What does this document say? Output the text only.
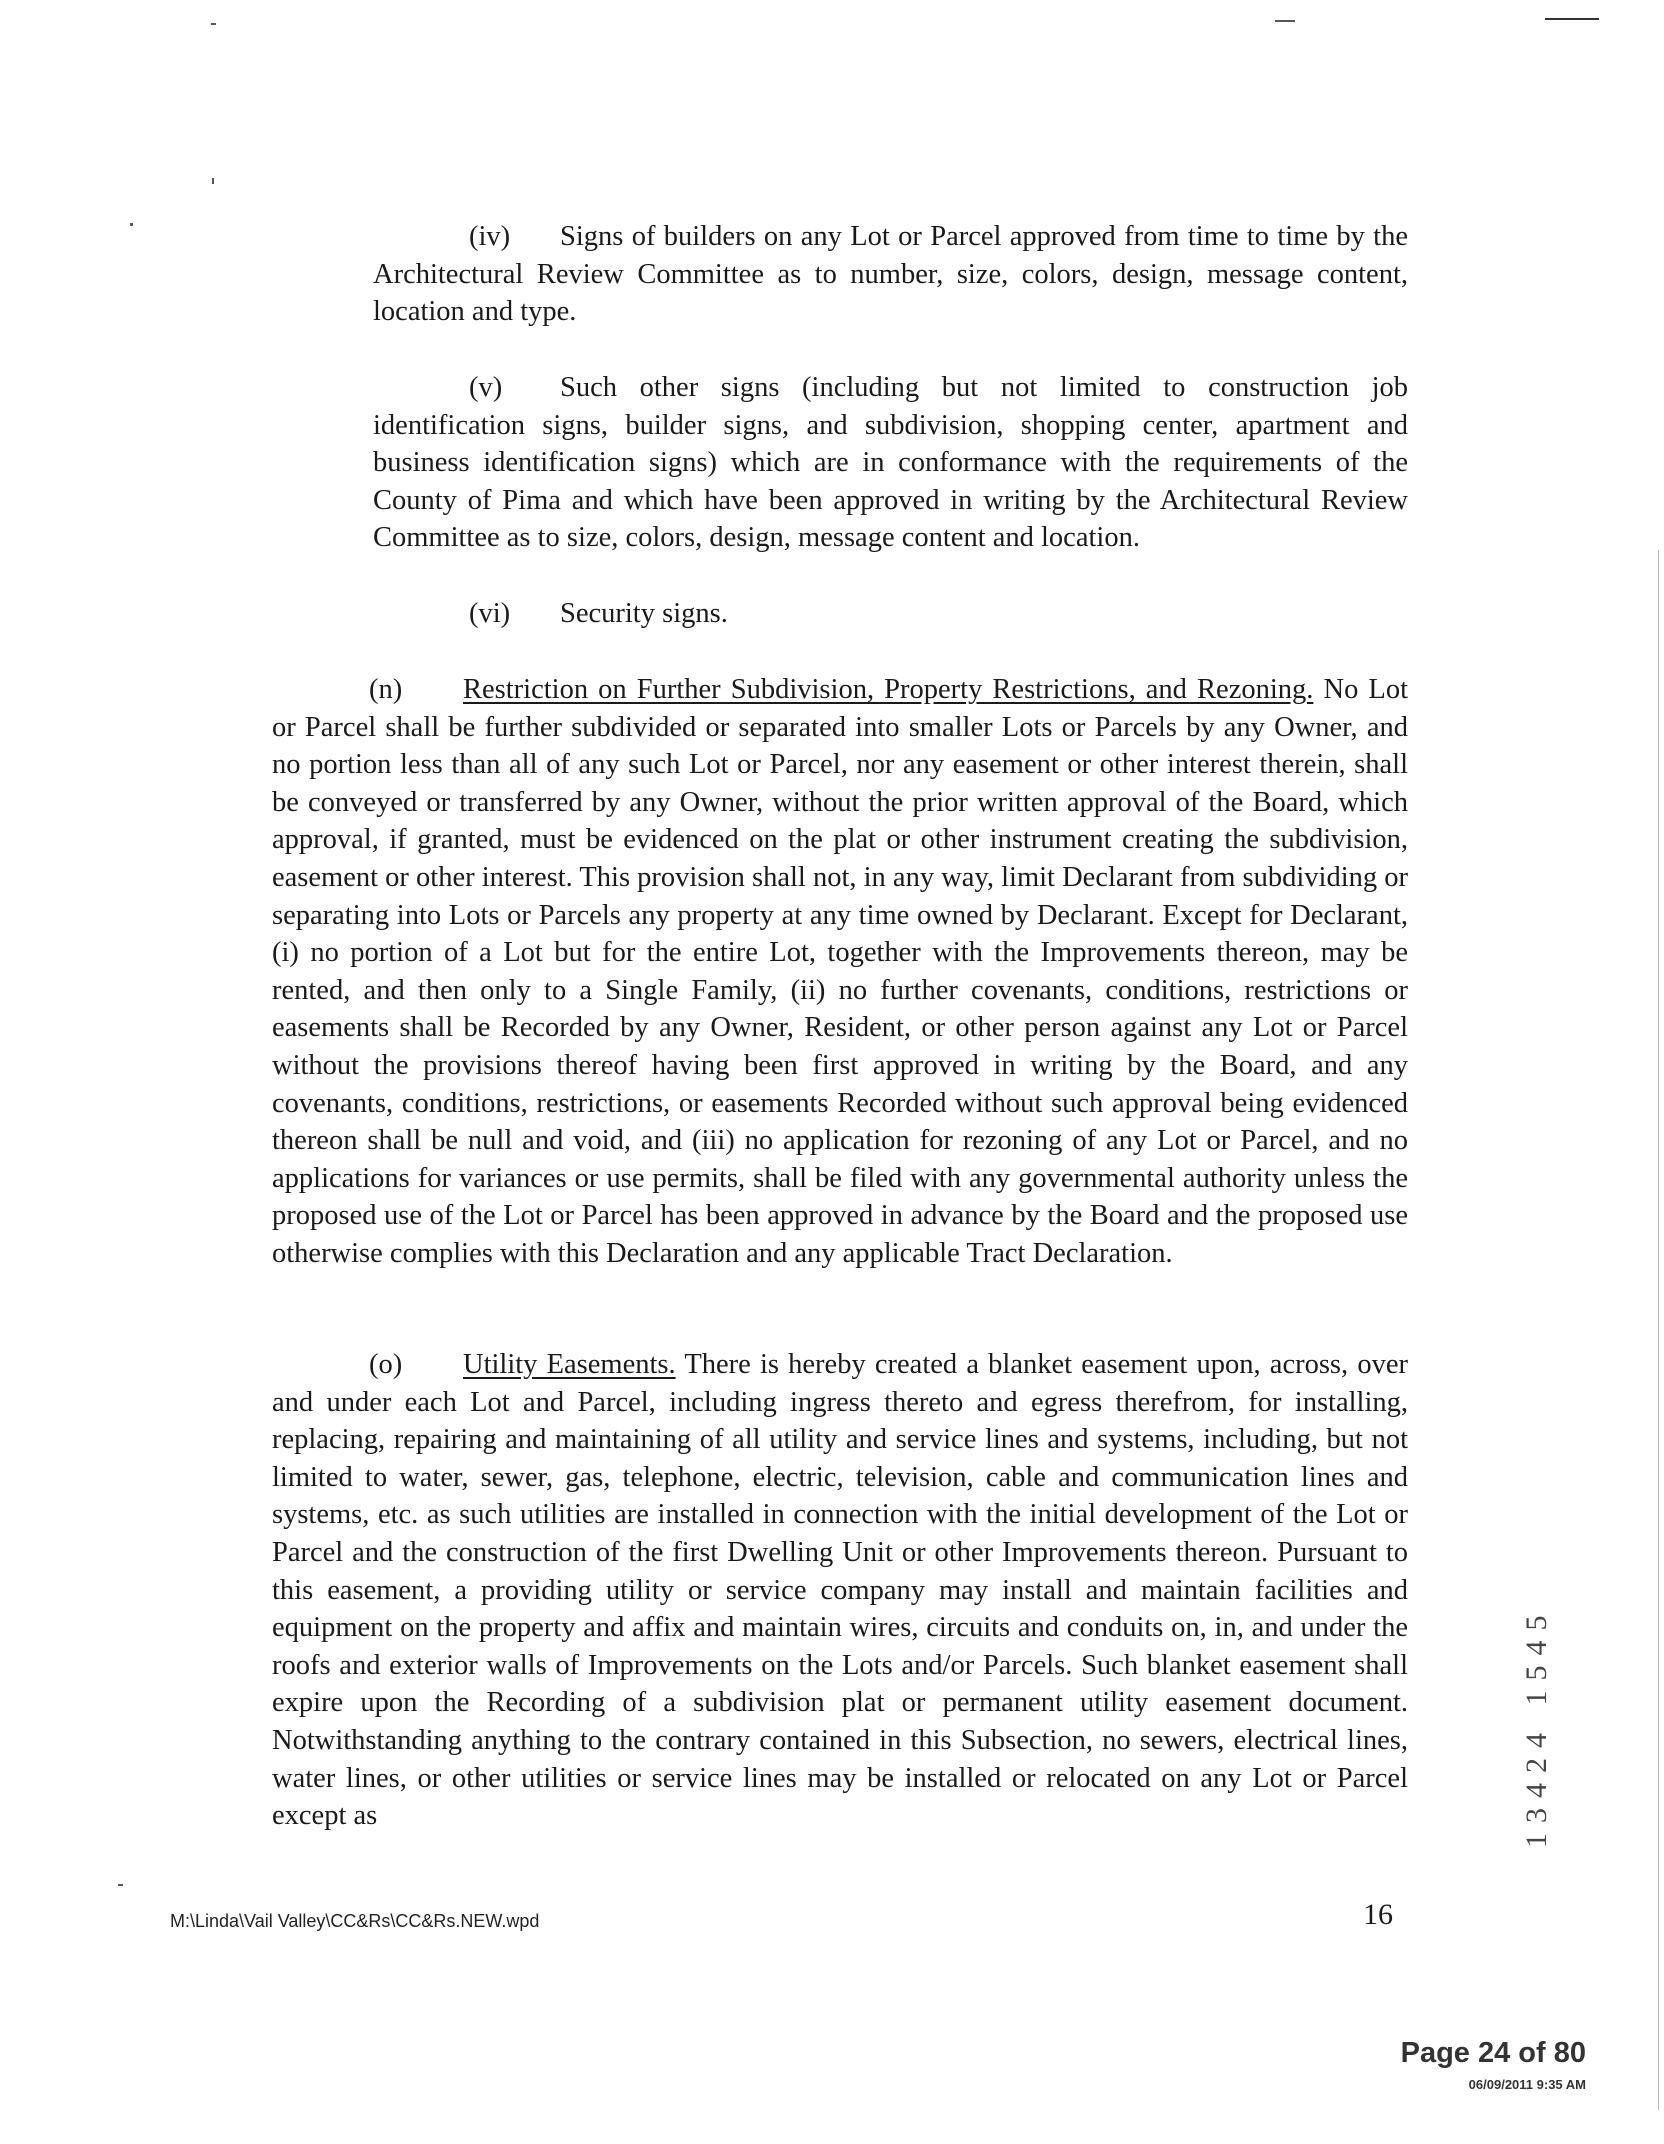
(iv) Signs of builders on any Lot or Parcel approved from time to time by the Architectural Review Committee as to number, size, colors, design, message content, location and type.

(v) Such other signs (including but not limited to construction job identification signs, builder signs, and subdivision, shopping center, apartment and business identification signs) which are in conformance with the requirements of the County of Pima and which have been approved in writing by the Architectural Review Committee as to size, colors, design, message content and location.

(vi) Security signs.

(n) Restriction on Further Subdivision, Property Restrictions, and Rezoning. No Lot or Parcel shall be further subdivided or separated into smaller Lots or Parcels by any Owner, and no portion less than all of any such Lot or Parcel, nor any easement or other interest therein, shall be conveyed or transferred by any Owner, without the prior written approval of the Board, which approval, if granted, must be evidenced on the plat or other instrument creating the subdivision, easement or other interest. This provision shall not, in any way, limit Declarant from subdividing or separating into Lots or Parcels any property at any time owned by Declarant. Except for Declarant, (i) no portion of a Lot but for the entire Lot, together with the Improvements thereon, may be rented, and then only to a Single Family, (ii) no further covenants, conditions, restrictions or easements shall be Recorded by any Owner, Resident, or other person against any Lot or Parcel without the provisions thereof having been first approved in writing by the Board, and any covenants, conditions, restrictions, or easements Recorded without such approval being evidenced thereon shall be null and void, and (iii) no application for rezoning of any Lot or Parcel, and no applications for variances or use permits, shall be filed with any governmental authority unless the proposed use of the Lot or Parcel has been approved in advance by the Board and the proposed use otherwise complies with this Declaration and any applicable Tract Declaration.

(o) Utility Easements. There is hereby created a blanket easement upon, across, over and under each Lot and Parcel, including ingress thereto and egress therefrom, for installing, replacing, repairing and maintaining of all utility and service lines and systems, including, but not limited to water, sewer, gas, telephone, electric, television, cable and communication lines and systems, etc. as such utilities are installed in connection with the initial development of the Lot or Parcel and the construction of the first Dwelling Unit or other Improvements thereon. Pursuant to this easement, a providing utility or service company may install and maintain facilities and equipment on the property and affix and maintain wires, circuits and conduits on, in, and under the roofs and exterior walls of Improvements on the Lots and/or Parcels. Such blanket easement shall expire upon the Recording of a subdivision plat or permanent utility easement document. Notwithstanding anything to the contrary contained in this Subsection, no sewers, electrical lines, water lines, or other utilities or service lines may be installed or relocated on any Lot or Parcel except as	13424 1545
M:\Linda\Vail Valley\CC&Rs\CC&Rs.NEW.wpd	16
Page 24 of 80
06/09/2011 9:35 AM
